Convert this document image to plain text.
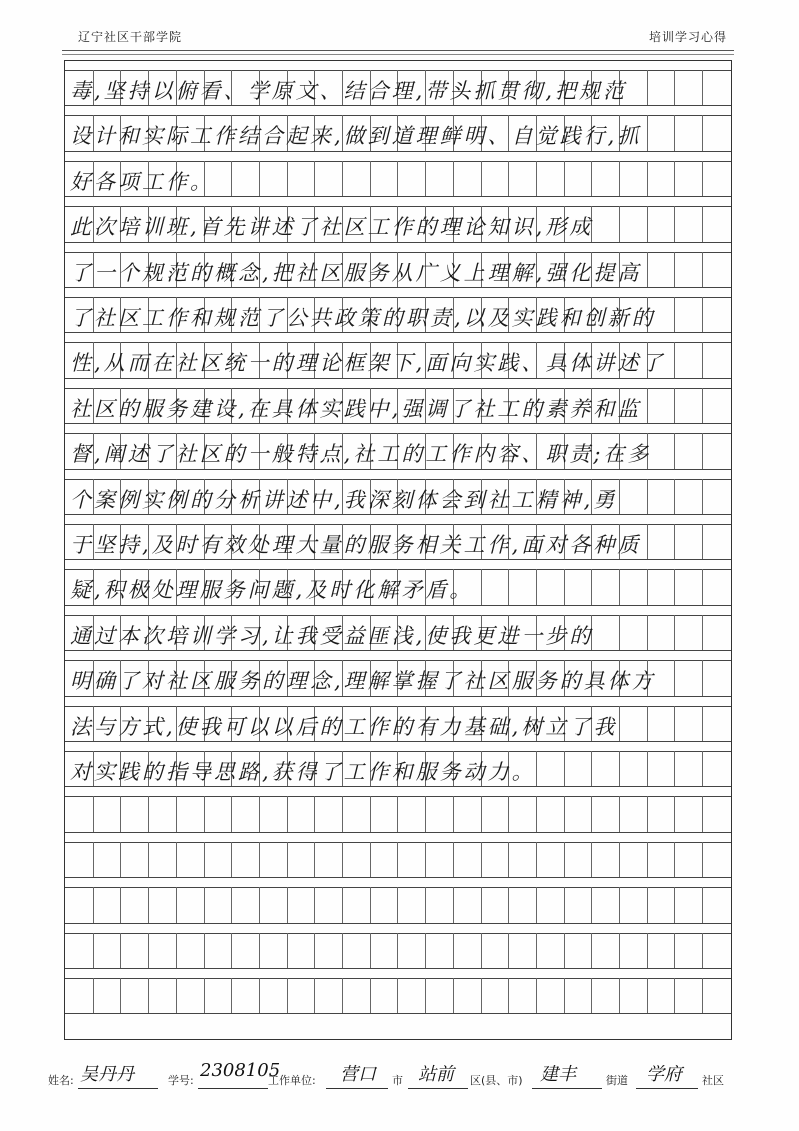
辽宁社区干部学院	培训学习心得
毒,坚持以俯看、学原文、结合理,带头抓贯彻,把规范
设计和实际工作结合起来,做到道理鲜明、自觉践行,抓
好各项工作。
此次培训班,首先讲述了社区工作的理论知识,形成
了一个规范的概念,把社区服务从广义上理解,强化提高
了社区工作和规范了公共政策的职责,以及实践和创新的
性,从而在社区统一的理论框架下,面向实践、具体讲述了
社区的服务建设,在具体实践中,强调了社工的素养和监
督,阐述了社区的一般特点,社工的工作内容、职责;在多
个案例实例的分析讲述中,我深刻体会到社工精神,勇
于坚持,及时有效处理大量的服务相关工作,面对各种质
疑,积极处理服务问题,及时化解矛盾。
通过本次培训学习,让我受益匪浅,使我更进一步的
明确了对社区服务的理念,理解掌握了社区服务的具体方
法与方式,使我可以以后的工作的有力基础,树立了我
对实践的指导思路,获得了工作和服务动力。
姓名: 吴丹丹	学号: 2308105
工作单位: 营口 市 站前 区(县、市) 建丰	街道 学府 社区
